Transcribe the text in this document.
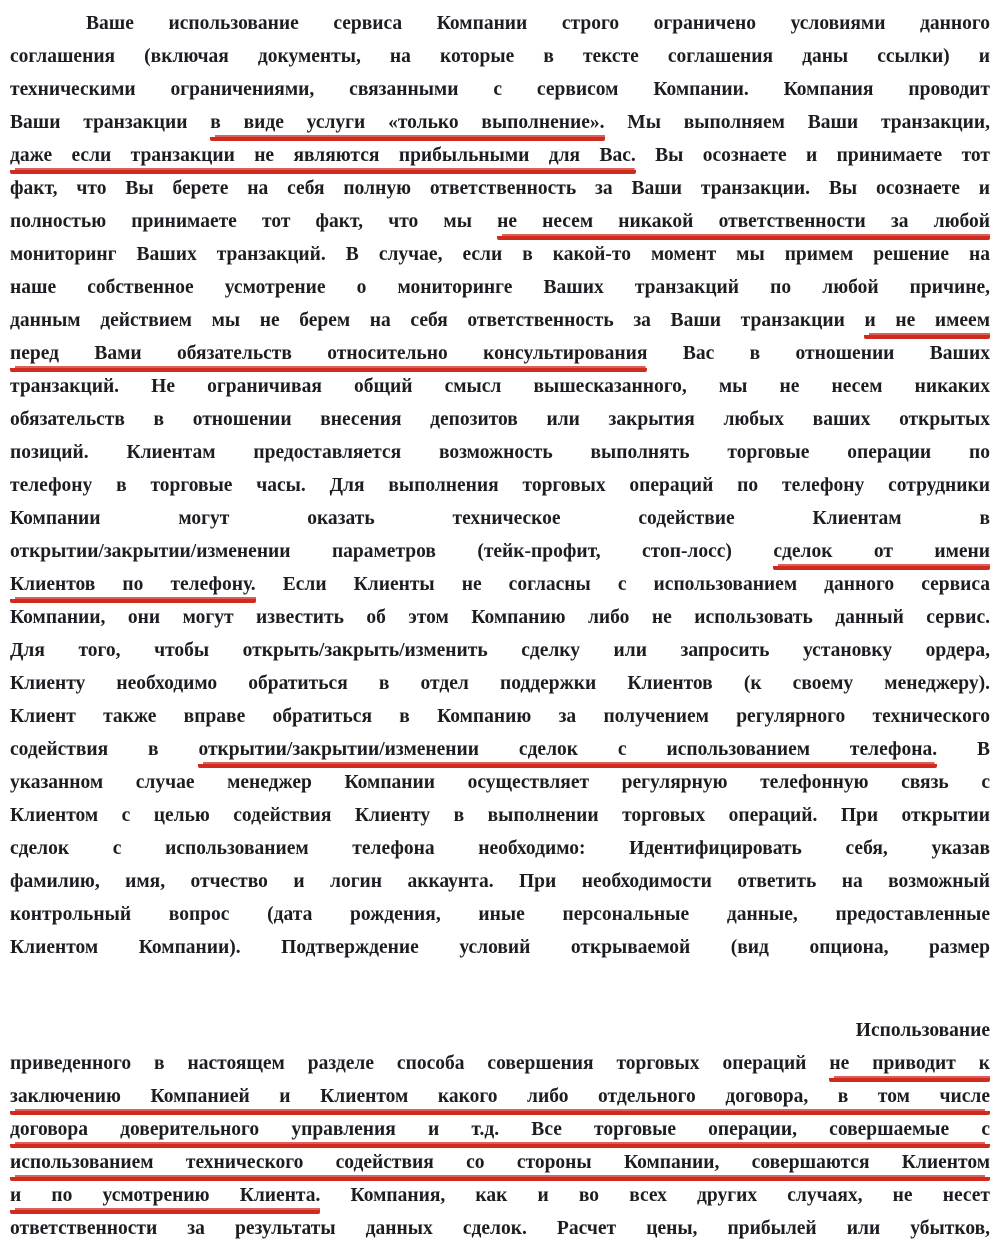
Ваше использование сервиса Компании строго ограничено условиями данного
соглашения (включая документы, на которые в тексте соглашения даны ссылки) и
техническими ограничениями, связанными с сервисом Компании. Компания проводит
Ваши транзакции в виде услуги «только выполнение». Мы выполняем Ваши транзакции,
даже если транзакции не являются прибыльными для Вас. Вы осознаете и принимаете тот
факт, что Вы берете на себя полную ответственность за Ваши транзакции. Вы осознаете и
полностью принимаете тот факт, что мы не несем никакой ответственности за любой
мониторинг Ваших транзакций. В случае, если в какой-то момент мы примем решение на
наше собственное усмотрение о мониторинге Ваших транзакций по любой причине,
данным действием мы не берем на себя ответственность за Ваши транзакции и не имеем
перед Вами обязательств относительно консультирования Вас в отношении Ваших
транзакций. Не ограничивая общий смысл вышесказанного, мы не несем никаких
обязательств в отношении внесения депозитов или закрытия любых ваших открытых
позиций. Клиентам предоставляется возможность выполнять торговые операции по
телефону в торговые часы. Для выполнения торговых операций по телефону сотрудники
Компании могут оказать техническое содействие Клиентам в
открытии/закрытии/изменении параметров (тейк-профит, стоп-лосс) сделок от имени
Клиентов по телефону. Если Клиенты не согласны с использованием данного сервиса
Компании, они могут известить об этом Компанию либо не использовать данный сервис.
Для того, чтобы открыть/закрыть/изменить сделку или запросить установку ордера,
Клиенту необходимо обратиться в отдел поддержки Клиентов (к своему менеджеру).
Клиент также вправе обратиться в Компанию за получением регулярного технического
содействия в открытии/закрытии/изменении сделок с использованием телефона. В
указанном случае менеджер Компании осуществляет регулярную телефонную связь с
Клиентом с целью содействия Клиенту в выполнении торговых операций. При открытии
сделок с использованием телефона необходимо: Идентифицировать себя, указав
фамилию, имя, отчество и логин аккаунта. При необходимости ответить на возможный
контрольный вопрос (дата рождения, иные персональные данные, предоставленные
Клиентом Компании). Подтверждение условий открываемой (вид опциона, размер
Использование
приведенного в настоящем разделе способа совершения торговых операций не приводит к
заключению Компанией и Клиентом какого либо отдельного договора, в том числе
договора доверительного управления и т.д. Все торговые операции, совершаемые с
использованием технического содействия со стороны Компании, совершаются Клиентом
и по усмотрению Клиента. Компания, как и во всех других случаях, не несет
ответственности за результаты данных сделок. Расчет цены, прибылей или убытков,
